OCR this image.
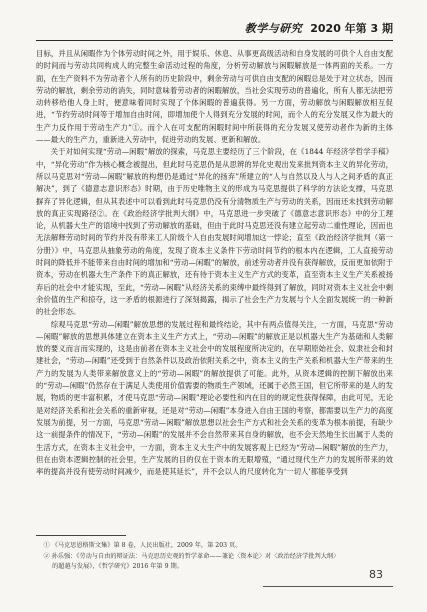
教学与研究 2020 年第 3 期

目标，并且从闲暇作为个体劳动时间之外，用于娱乐、休息、从事更高级活动和自身发展的可供个人自由支配的时间而与劳动共同构成人的完整生命活动过程的角度，分析劳动解放与闲暇解放是一体两面的关系。一方面，在生产资料不为劳动者个人所有的历史阶段中，剩余劳动与可供自由支配的闲暇总是处于对立状态，因而劳动的解放，剩余劳动的消失，同时意味着劳动者的闲暇解放，当社会实现劳动的普遍化，所有人都无法把劳动转移给他人身上时，便意味着同时实现了个体闲暇的普遍获得。另一方面，劳动解放与闲暇解放相互促进，“节约劳动时间等于增加自由时间，即增加使个人得到充分发展的时间，而个人的充分发展又作为最大的生产力反作用于劳动生产力”①。而个人在可支配的闲暇时间中所获得的充分发展又使劳动者作为新的主体——最大的生产力，重新进入劳动中，促进劳动的发展、更新和解放。

关于对如何实现“劳动—闲暇”解放的探索，马克思主要经历了三个阶段，在《1844 年经济学哲学手稿》中，“异化劳动”作为核心概念被提出，但此时马克思仍是从思辨的异化史观出发来批判资本主义的异化劳动，所以马克思对“劳动—闲暇”解放的构想仍是通过“异化的扬弃”所建立的“人与自然以及人与人之间矛盾的真正解决”，到了《德意志意识形态》时期，由于历史唯物主义的形成为马克思提供了科学的方法论支撑，马克思摒弃了异化逻辑，但从其表述中可以看到此时马克思仍没有分清物质生产与劳动的关系，因而还未找到劳动解放的真正实现路径②。在《政治经济学批判大纲》中，马克思进一步突破了《德意志意识形态》中的分工理论，从机器大生产的语境中找到了劳动解放的基础，但由于此时马克思还没有建立起劳动二重性理论，因而也无法解释劳动时间的节约并没有带来工人阶级个人自由发展时间增加这一悖论；直至《政治经济学批判（第一分册）》中，马克思从抽象劳动的角度，发现了资本主义条件下劳动时间节约的根本内在逻辑，工人直接劳动时间的降低并不能带来自由时间的增加和“劳动—闲暇”的解放，前述劳动者并没有获得解放，反而更加依附于资本，劳动在机器大生产条件下的真正解放，还有待于资本主义生产方式的变革，直至资本主义生产关系被扬弃后的社会中才能实现，至此，“劳动—闲暇”从经济关系的束缚中最终得到了解放，同时对资本主义社会中剩余价值的生产和掠夺，这一矛盾的根源进行了深刻揭露，揭示了社会生产力发展与个人全面发展统一的一种新的社会形态。

综观马克思“劳动—闲暇”解放思想的发展过程和最终结论，其中有两点值得关注，一方面，马克思“劳动—闲暇”解放的思想具体建立在资本主义生产方式上，“劳动—闲暇”的解放正是以机器大生产为基础和人类解放的要义而言而实现的，这是由前者在资本主义社会中的发展程度所决定的，在早期原始社会、奴隶社会和封建社会，“劳动—闲暇”还受到于自然条件以及政治依附关系之中，资本主义的生产关系和机器大生产带来的生产力的发展为人类带来解放意义上的“劳动—闲暇”的解放提供了可能。此外，从资本逻辑的控制下解放出来的“劳动—闲暇”仍然存在于满足人类使用价值需要的物质生产领域，还属于必然王国，但它所带来的是人的发展，物质的更丰富积累，才使马克思“劳动—闲暇”理论必要性和内在目的的规定性获得保障，由此可见，无论是对经济关系和社会关系的重新审视，还是对“劳动—闲暇”本身进入自由王国的考察，都需要以生产力的高度发展为前提，另一方面，马克思“劳动—闲暇”解放思想以社会生产方式和社会关系的变革为根本前提，有缺少这一前提条件的情况下，“劳动—闲暇”的发展并不会自然带来其自身的解放，也不会天然地生长出属于人类的生活方式，在资本主义社会中，一方面，资本主义大生产中的发展客观上已经为“劳动—闲暇”解放的生产力，但在由资本逻辑控制的社会里，生产发展的目的仅在于资本的无限增殖，“通过现代生产力的发展所带来的效率的提高并没有使劳动时间减少，而是使其延长”，并不会以人的尺度转化为‘一切人’都能享受到

① 《马克思恩格斯文集》第 8 卷，人民出版社，2009 年，第 203 页。

② 孙乐强：《劳动与自由的辩证法：马克思历史观的哲学革命——兼论〈资本论〉对〈政治经济学批判大纲〉
的超越与发展》，《哲学研究》2016 年第 9 期。

83
